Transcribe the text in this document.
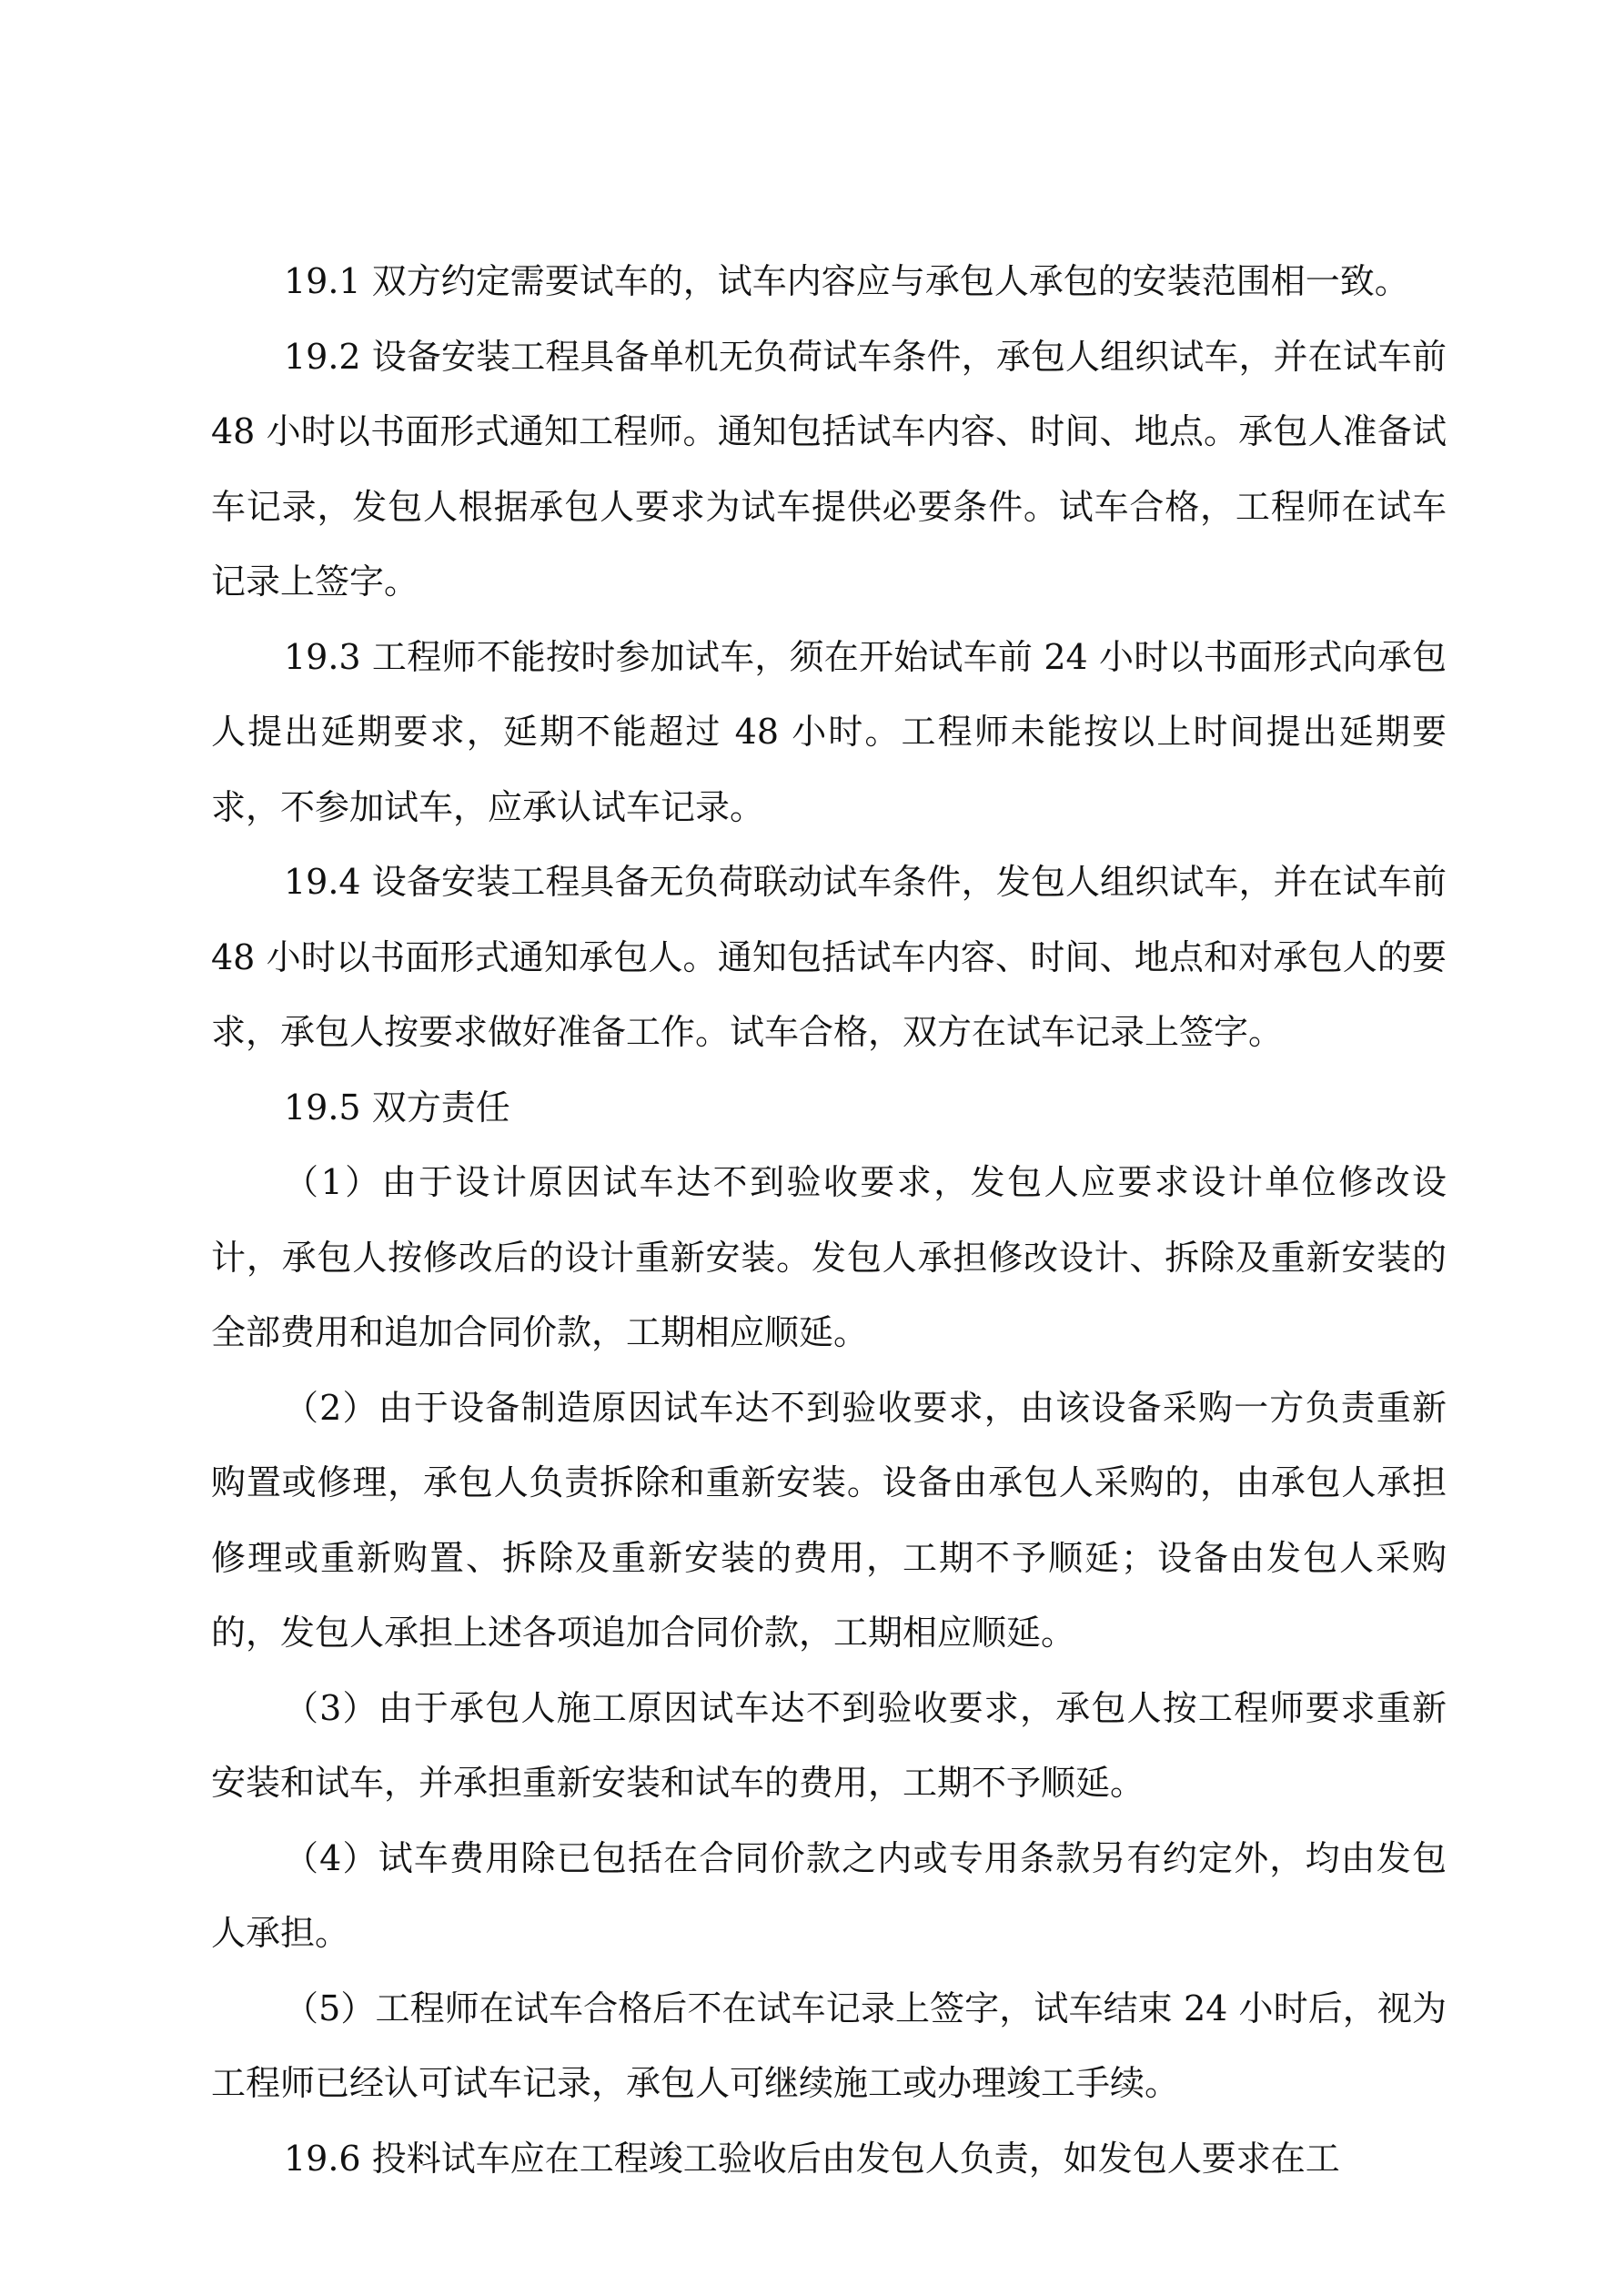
19.1 双方约定需要试车的，试车内容应与承包人承包的安装范围相一致。

19.2 设备安装工程具备单机无负荷试车条件，承包人组织试车，并在试车前 48 小时以书面形式通知工程师。通知包括试车内容、时间、地点。承包人准备试车记录，发包人根据承包人要求为试车提供必要条件。试车合格，工程师在试车记录上签字。

19.3 工程师不能按时参加试车，须在开始试车前 24 小时以书面形式向承包人提出延期要求，延期不能超过 48 小时。工程师未能按以上时间提出延期要求，不参加试车，应承认试车记录。

19.4 设备安装工程具备无负荷联动试车条件，发包人组织试车，并在试车前 48 小时以书面形式通知承包人。通知包括试车内容、时间、地点和对承包人的要求，承包人按要求做好准备工作。试车合格，双方在试车记录上签字。

19.5 双方责任

（1）由于设计原因试车达不到验收要求，发包人应要求设计单位修改设计，承包人按修改后的设计重新安装。发包人承担修改设计、拆除及重新安装的全部费用和追加合同价款，工期相应顺延。

（2）由于设备制造原因试车达不到验收要求，由该设备采购一方负责重新购置或修理，承包人负责拆除和重新安装。设备由承包人采购的，由承包人承担修理或重新购置、拆除及重新安装的费用，工期不予顺延；设备由发包人采购的，发包人承担上述各项追加合同价款，工期相应顺延。

（3）由于承包人施工原因试车达不到验收要求，承包人按工程师要求重新安装和试车，并承担重新安装和试车的费用，工期不予顺延。

（4）试车费用除已包括在合同价款之内或专用条款另有约定外，均由发包人承担。

（5）工程师在试车合格后不在试车记录上签字，试车结束 24 小时后，视为工程师已经认可试车记录，承包人可继续施工或办理竣工手续。

19.6 投料试车应在工程竣工验收后由发包人负责，如发包人要求在工
